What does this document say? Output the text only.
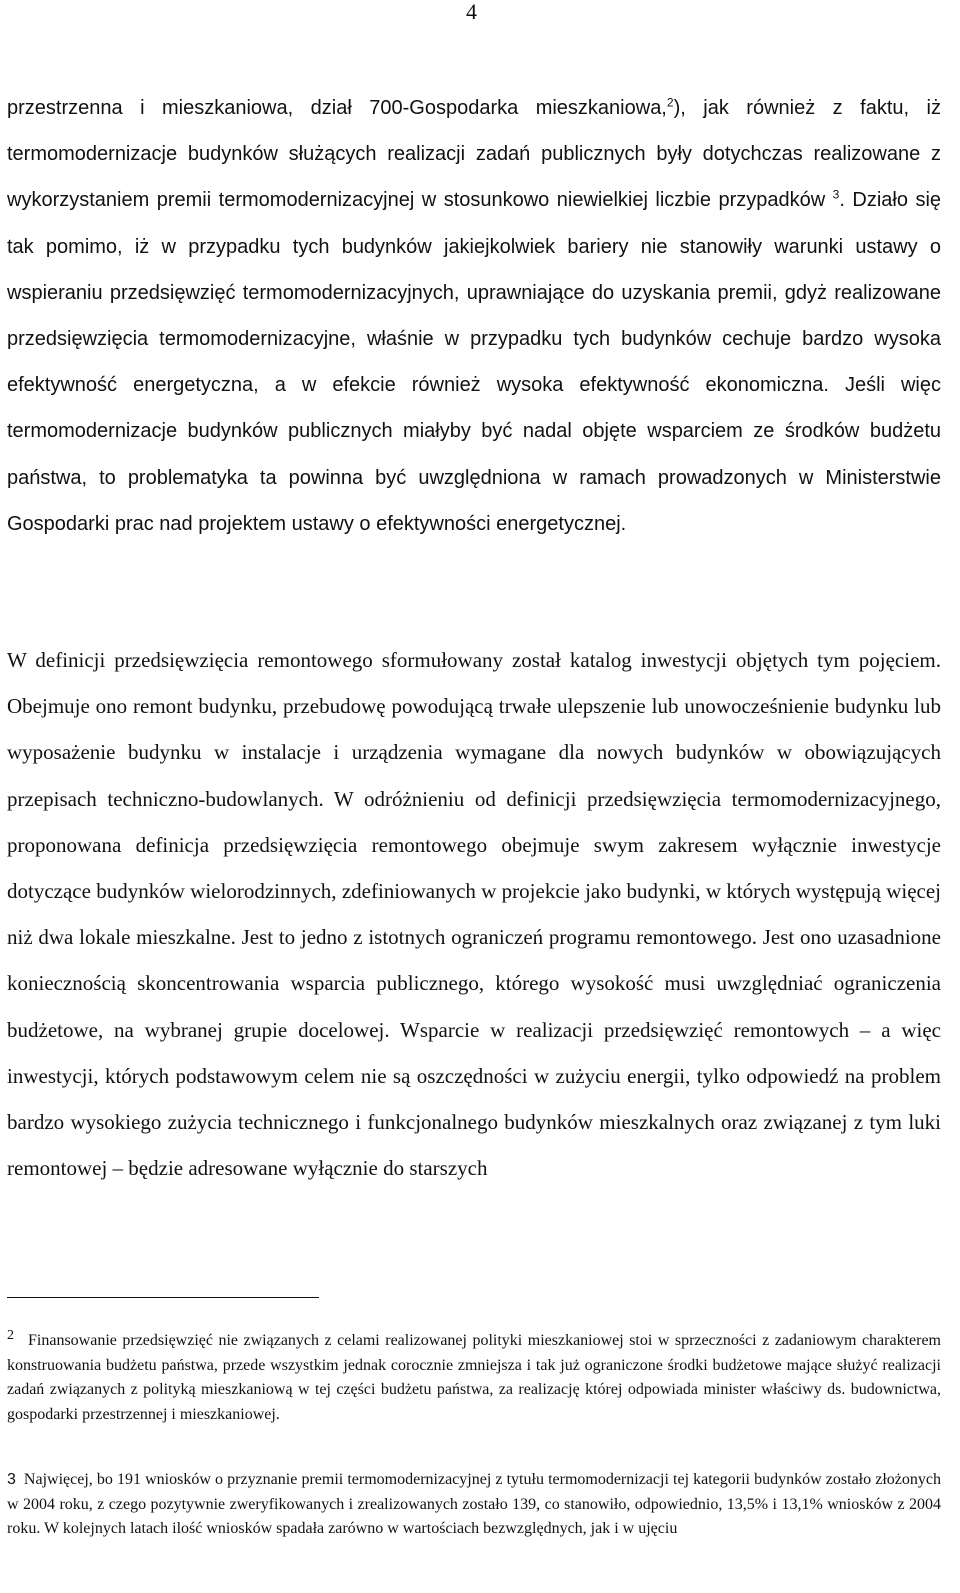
4

przestrzenna i mieszkaniowa, dział 700-Gospodarka mieszkaniowa,$^2$), jak również z faktu, iż termomodernizacje budynków służących realizacji zadań publicznych były dotychczas realizowane z wykorzystaniem premii termomodernizacyjnej w stosunkowo niewielkiej liczbie przypadków $^3$. Działo się tak pomimo, iż w przypadku tych budynków jakiejkolwiek bariery nie stanowiły warunki ustawy o wspieraniu przedsięwzięć termomodernizacyjnych, uprawniające do uzyskania premii, gdyż realizowane przedsięwzięcia termomodernizacyjne, właśnie w przypadku tych budynków cechuje bardzo wysoka efektywność energetyczna, a w efekcie również wysoka efektywność ekonomiczna. Jeśli więc termomodernizacje budynków publicznych miałyby być nadal objęte wsparciem ze środków budżetu państwa, to problematyka ta powinna być uwzględniona w ramach prowadzonych w Ministerstwie Gospodarki prac nad projektem ustawy o efektywności energetycznej.

W definicji przedsięwzięcia remontowego sformułowany został katalog inwestycji objętych tym pojęciem. Obejmuje ono remont budynku, przebudowę powodującą trwałe ulepszenie lub unowocześnienie budynku lub wyposażenie budynku w instalacje i urządzenia wymagane dla nowych budynków w obowiązujących przepisach techniczno-budowlanych. W odróżnieniu od definicji przedsięwzięcia termomodernizacyjnego, proponowana definicja przedsięwzięcia remontowego obejmuje swym zakresem wyłącznie inwestycje dotyczące budynków wielorodzinnych, zdefiniowanych w projekcie jako budynki, w których występują więcej niż dwa lokale mieszkalne. Jest to jedno z istotnych ograniczeń programu remontowego. Jest ono uzasadnione koniecznością skoncentrowania wsparcia publicznego, którego wysokość musi uwzględniać ograniczenia budżetowe, na wybranej grupie docelowej. Wsparcie w realizacji przedsięwzięć remontowych – a więc inwestycji, których podstawowym celem nie są oszczędności w zużyciu energii, tylko odpowiedź na problem bardzo wysokiego zużycia technicznego i funkcjonalnego budynków mieszkalnych oraz związanej z tym luki remontowej – będzie adresowane wyłącznie do starszych

2 Finansowanie przedsięwzięć nie związanych z celami realizowanej polityki mieszkaniowej stoi w sprzeczności z zadaniowym charakterem konstruowania budżetu państwa, przede wszystkim jednak corocznie zmniejsza i tak już ograniczone środki budżetowe mające służyć realizacji zadań związanych z polityką mieszkaniową w tej części budżetu państwa, za realizację której odpowiada minister właściwy ds. budownictwa, gospodarki przestrzennej i mieszkaniowej.

3 Najwięcej, bo 191 wniosków o przyznanie premii termomodernizacyjnej z tytułu termomodernizacji tej kategorii budynków zostało złożonych w 2004 roku, z czego pozytywnie zweryfikowanych i zrealizowanych zostało 139, co stanowiło, odpowiednio, 13,5% i 13,1% wniosków z 2004 roku. W kolejnych latach ilość wniosków spadała zarówno w wartościach bezwzględnych, jak i w ujęciu
